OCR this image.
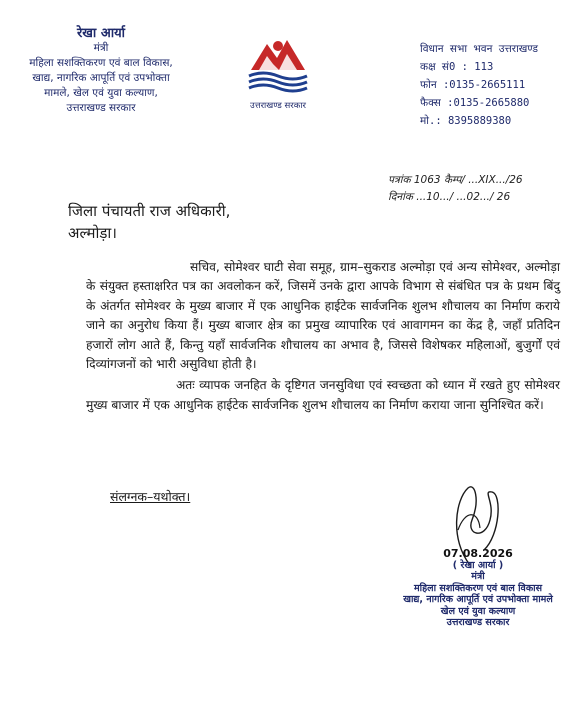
रेखा आर्या
मंत्री
महिला सशक्तिकरण एवं बाल विकास,
खाद्य, नागरिक आपूर्ति एवं उपभोक्ता
मामले, खेल एवं युवा कल्याण,
उत्तराखण्ड सरकार	उत्तराखण्ड सरकार
विधान सभा भवन उत्तराखण्ड
कक्ष सं0 : 113
फोन :0135-2665111
फैक्स :0135-2665880
मो.: 8395889380
पत्रांक 1063 कैम्प/ ...XIX.../26
दिनांक ...10.../ ...02.../ 26
जिला पंचायती राज अधिकारी,
अल्मोड़ा।

सचिव, सोमेश्वर घाटी सेवा समूह, ग्राम–सुकराड अल्मोड़ा एवं अन्य सोमेश्वर, अल्मोड़ा के संयुक्त हस्ताक्षरित पत्र का अवलोकन करें, जिसमें उनके द्वारा आपके विभाग से संबंधित पत्र के प्रथम बिंदु के अंतर्गत सोमेश्वर के मुख्य बाजार में एक आधुनिक हाईटेक सार्वजनिक शुलभ शौचालय का निर्माण कराये जाने का अनुरोध किया हैं। मुख्य बाजार क्षेत्र का प्रमुख व्यापारिक एवं आवागमन का केंद्र है, जहाँ प्रतिदिन हजारों लोग आते हैं, किन्तु यहाँ सार्वजनिक शौचालय का अभाव है, जिससे विशेषकर महिलाओं, बुजुर्गों एवं दिव्यांगजनों को भारी असुविधा होती है।

अतः व्यापक जनहित के दृष्टिगत जनसुविधा एवं स्वच्छता को ध्यान में रखते हुए सोमेश्वर मुख्य बाजार में एक आधुनिक हाईटेक सार्वजनिक शुलभ शौचालय का निर्माण कराया जाना सुनिश्चित करें।

संलग्नक–यथोक्त।
07.08.2026
( रेखा आर्या )
मंत्री
महिला सशक्तिकरण एवं बाल विकास
खाद्य, नागरिक आपूर्ति एवं उपभोक्ता मामले
खेल एवं युवा कल्याण
उत्तराखण्ड सरकार
